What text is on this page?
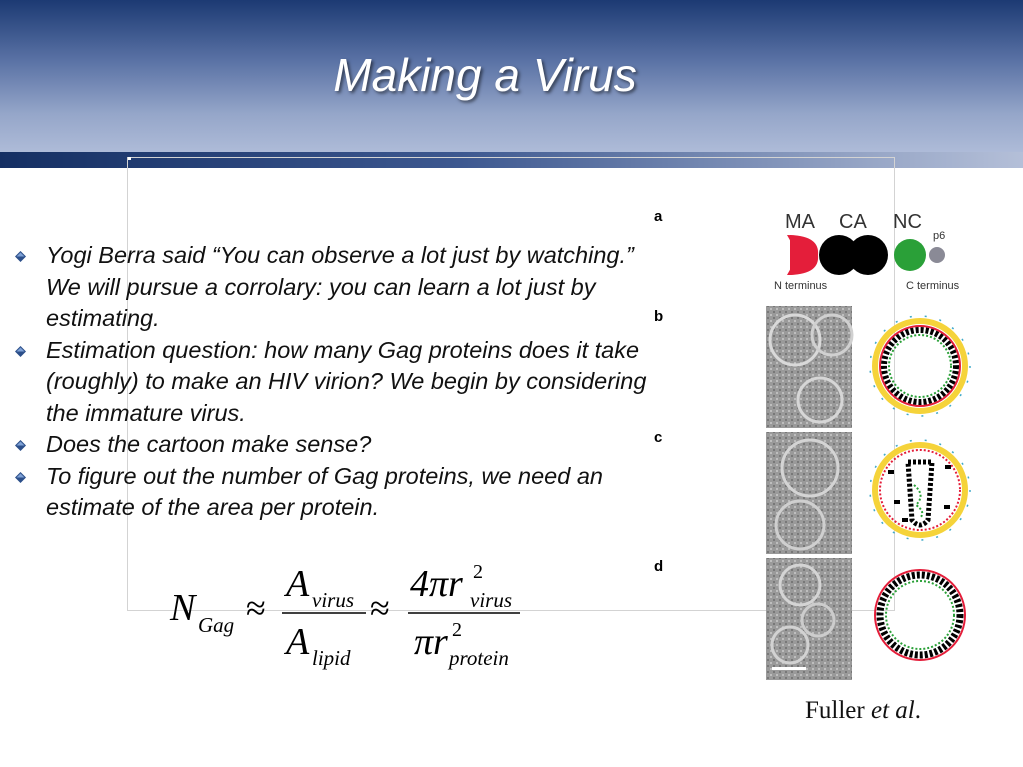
Making a Virus
Yogi Berra said “You can observe a lot just by watching.” We will pursue a corrolary: you can learn a lot just by estimating.
Estimation question: how many Gag proteins does it take (roughly) to make an HIV virion? We begin by considering the immature virus.
Does the cartoon make sense?
To figure out the number of Gag proteins, we need an estimate of the area per protein.
N Gag ≈
A virus
A lipid
≈
4πr 2
virus
πr 2
protein
a
b
c
d
MA CA NC
p6
N terminus	C terminus
Fuller et al.
